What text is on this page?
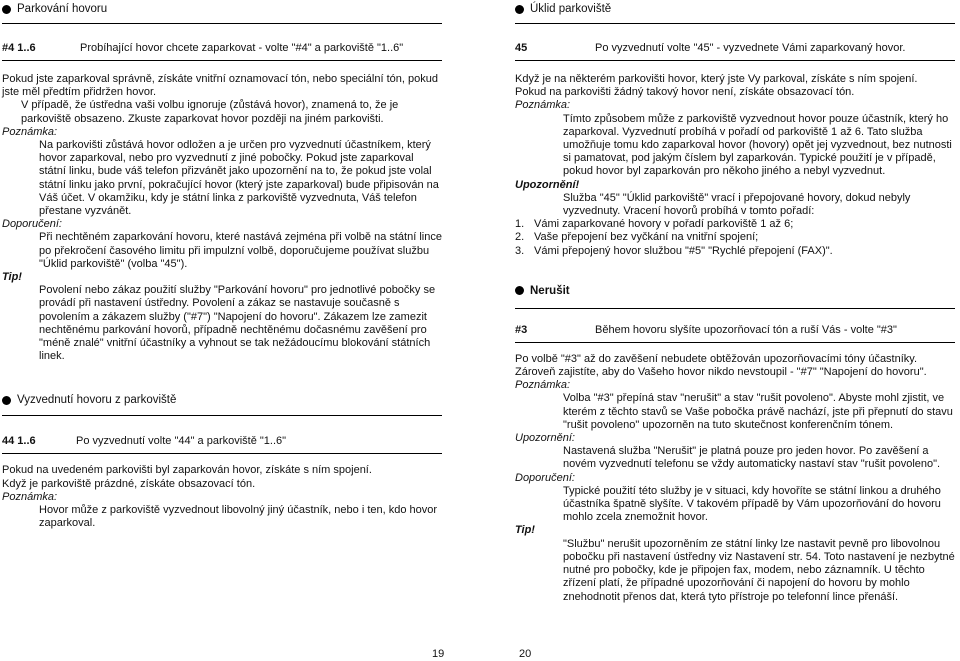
Parkování hovoru
#4 1..6	Probíhající hovor chcete zaparkovat - volte "#4" a parkoviště "1..6"

Pokud jste zaparkoval správně, získáte vnitřní oznamovací tón, nebo speciální tón, pokud jste měl předtím přidržen hovor.

V případě, že ústředna vaši volbu ignoruje (zůstává hovor), znamená to, že je parkoviště obsazeno. Zkuste zaparkovat hovor později na jiném parkovišti.

Poznámka:

Na parkovišti zůstává hovor odložen a je určen pro vyzvednutí účastníkem, který hovor zaparkoval, nebo pro vyzvednutí z jiné pobočky. Pokud jste zaparkoval státní linku, bude váš telefon přizvánět jako upozornění na to, že pokud jste volal státní linku jako první, pokračující hovor (který jste zaparkoval) bude připisován na Váš účet. V okamžiku, kdy je státní linka z parkoviště vyzvednuta, Váš telefon přestane vyzvánět.

Doporučení:

Při nechtěném zaparkování hovoru, které nastává zejména při volbě na státní lince po překročení časového limitu při impulzní volbě, doporučujeme používat službu "Úklid parkoviště" (volba "45").

Tip!

Povolení nebo zákaz použití služby "Parkování hovoru" pro jednotlivé pobočky se provádí při nastavení ústředny. Povolení a zákaz se nastavuje současně s povolením a zákazem služby ("#7") "Napojení do hovoru". Zákazem lze zamezit nechtěnému parkování hovorů, případně nechtěnému dočasnému zavěšení pro "méně znalé" vnitřní účastníky a vyhnout se tak nežádoucímu blokování státních linek.

Vyzvednutí hovoru z parkoviště
44 1..6	Po vyzvednutí volte "44" a parkoviště "1..6"

Pokud na uvedeném parkovišti byl zaparkován hovor, získáte s ním spojení.

Když je parkoviště prázdné, získáte obsazovací tón.

Poznámka:

Hovor může z parkoviště vyzvednout libovolný jiný účastník, nebo i ten, kdo hovor zaparkoval.

19
Úklid parkoviště
45	Po vyzvednutí volte "45" - vyzvednete Vámi zaparkovaný hovor.

Když je na některém parkovišti hovor, který jste Vy parkoval, získáte s ním spojení.

Pokud na parkovišti žádný takový hovor není, získáte obsazovací tón.

Poznámka:

Tímto způsobem může z parkoviště vyzvednout hovor pouze účastník, který ho zaparkoval. Vyzvednutí probíhá v pořadí od parkoviště 1 až 6. Tato služba umožňuje tomu kdo zaparkoval hovor (hovory) opět jej vyzvednout, bez nutnosti si pamatovat, pod jakým číslem byl zaparkován. Typické použití je v případě, pokud hovor byl zaparkován pro někoho jiného a nebyl vyzvednut.

Upozornění!

Služba "45" "Úklid parkoviště" vrací i přepojované hovory, dokud nebyly vyzvednuty. Vracení hovorů probíhá v tomto pořadí:

1. Vámi zaparkované hovory v pořadí parkoviště 1 až 6;
2. Vaše přepojení bez vyčkání na vnitřní spojení;
3. Vámi přepojený hovor službou "#5" "Rychlé přepojení (FAX)".
Nerušit
#3	Během hovoru slyšíte upozorňovací tón a ruší Vás - volte "#3"

Po volbě "#3" až do zavěšení nebudete obtěžován upozorňovacími tóny účastníky. Zároveň zajistíte, aby do Vašeho hovor nikdo nevstoupil - "#7" "Napojení do hovoru".

Poznámka:

Volba "#3" přepíná stav "nerušit" a stav "rušit povoleno". Abyste mohl zjistit, ve kterém z těchto stavů se Vaše pobočka právě nachází, jste při přepnutí do stavu "rušit povoleno" upozorněn na tuto skutečnost konferenčním tónem.

Upozornění:

Nastavená služba "Nerušit" je platná pouze pro jeden hovor. Po zavěšení a novém vyzvednutí telefonu se vždy automaticky nastaví stav "rušit povoleno".

Doporučení:

Typické použití této služby je v situaci, kdy hovoříte se státní linkou a druhého účastníka špatně slyšíte. V takovém případě by Vám upozorňování do hovoru mohlo zcela znemožnit hovor.

Tip!

"Službu" nerušit upozorněním ze státní linky lze nastavit pevně pro libovolnou pobočku při nastavení ústředny viz Nastavení str. 54. Toto nastavení je nezbytné nutné pro pobočky, kde je připojen fax, modem, nebo záznamník. U těchto zřízení platí, že případné upozorňování či napojení do hovoru by mohlo znehodnotit přenos dat, která tyto přístroje po telefonní lince přenáší.

20
